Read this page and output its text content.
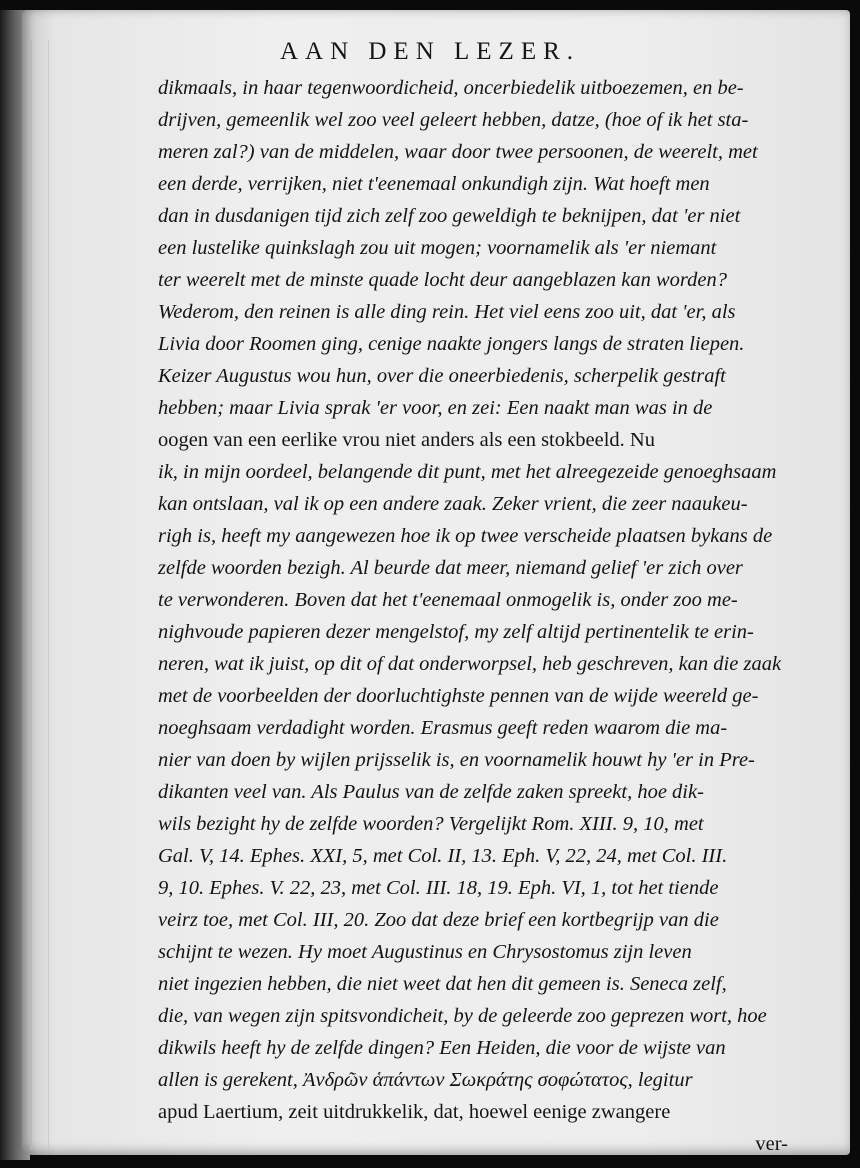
AAN DEN LEZER.
dikmaals, in haar tegenwoordicheid, oncerbiedelik uitboezemen, en be-
drijven, gemeenlik wel zoo veel geleert hebben, datze, (hoe of ik het sta-
meren zal?) van de middelen, waar door twee persoonen, de weerelt, met
een derde, verrijken, niet t'eenemaal onkundigh zijn. Wat hoeft men
dan in dusdanigen tijd zich zelf zoo geweldigh te beknijpen, dat 'er niet
een lustelike quinkslagh zou uit mogen; voornamelik als 'er niemant
ter weerelt met de minste quade locht deur aangeblazen kan worden?
Wederom, den reinen is alle ding rein. Het viel eens zoo uit, dat 'er, als
Livia door Roomen ging, cenige naakte jongers langs de straten liepen.
Keizer Augustus wou hun, over die oneerbiedenis, scherpelik gestraft
hebben; maar Livia sprak 'er voor, en zei: Een naakt man was in de
oogen van een eerlike vrou niet anders als een stokbeeld. Nu
ik, in mijn oordeel, belangende dit punt, met het alreegezeide genoeghsaam
kan ontslaan, val ik op een andere zaak. Zeker vrient, die zeer naaukeu-
righ is, heeft my aangewezen hoe ik op twee verscheide plaatsen bykans de
zelfde woorden bezigh. Al beurde dat meer, niemand gelief 'er zich over
te verwonderen. Boven dat het t'eenemaal onmogelik is, onder zoo me-
nighvoude papieren dezer mengelstof, my zelf altijd pertinentelik te erin-
neren, wat ik juist, op dit of dat onderworpsel, heb geschreven, kan die zaak
met de voorbeelden der doorluchtighste pennen van de wijde weereld ge-
noeghsaam verdadight worden. Erasmus geeft reden waarom die ma-
nier van doen by wijlen prijsselik is, en voornamelik houwt hy 'er in Pre-
dikanten veel van. Als Paulus van de zelfde zaken spreekt, hoe dik-
wils bezight hy de zelfde woorden? Vergelijkt Rom. XIII. 9, 10, met
Gal. V, 14. Ephes. XXI, 5, met Col. II, 13. Eph. V, 22, 24, met Col. III.
9, 10. Ephes. V. 22, 23, met Col. III. 18, 19. Eph. VI, 1, tot het tiende
veirz toe, met Col. III, 20. Zoo dat deze brief een kortbegrijp van die
schijnt te wezen. Hy moet Augustinus en Chrysostomus zijn leven
niet ingezien hebben, die niet weet dat hen dit gemeen is. Seneca zelf,
die, van wegen zijn spitsvondicheit, by de geleerde zoo geprezen wort, hoe
dikwils heeft hy de zelfde dingen? Een Heiden, die voor de wijste van
allen is gerekent, Ἀνδρῶν ἁπάντων Σωκράτης σοφώτατος, legitur
apud Laertium, zeit uitdrukkelik, dat, hoewel eenige zwangere
ver-
